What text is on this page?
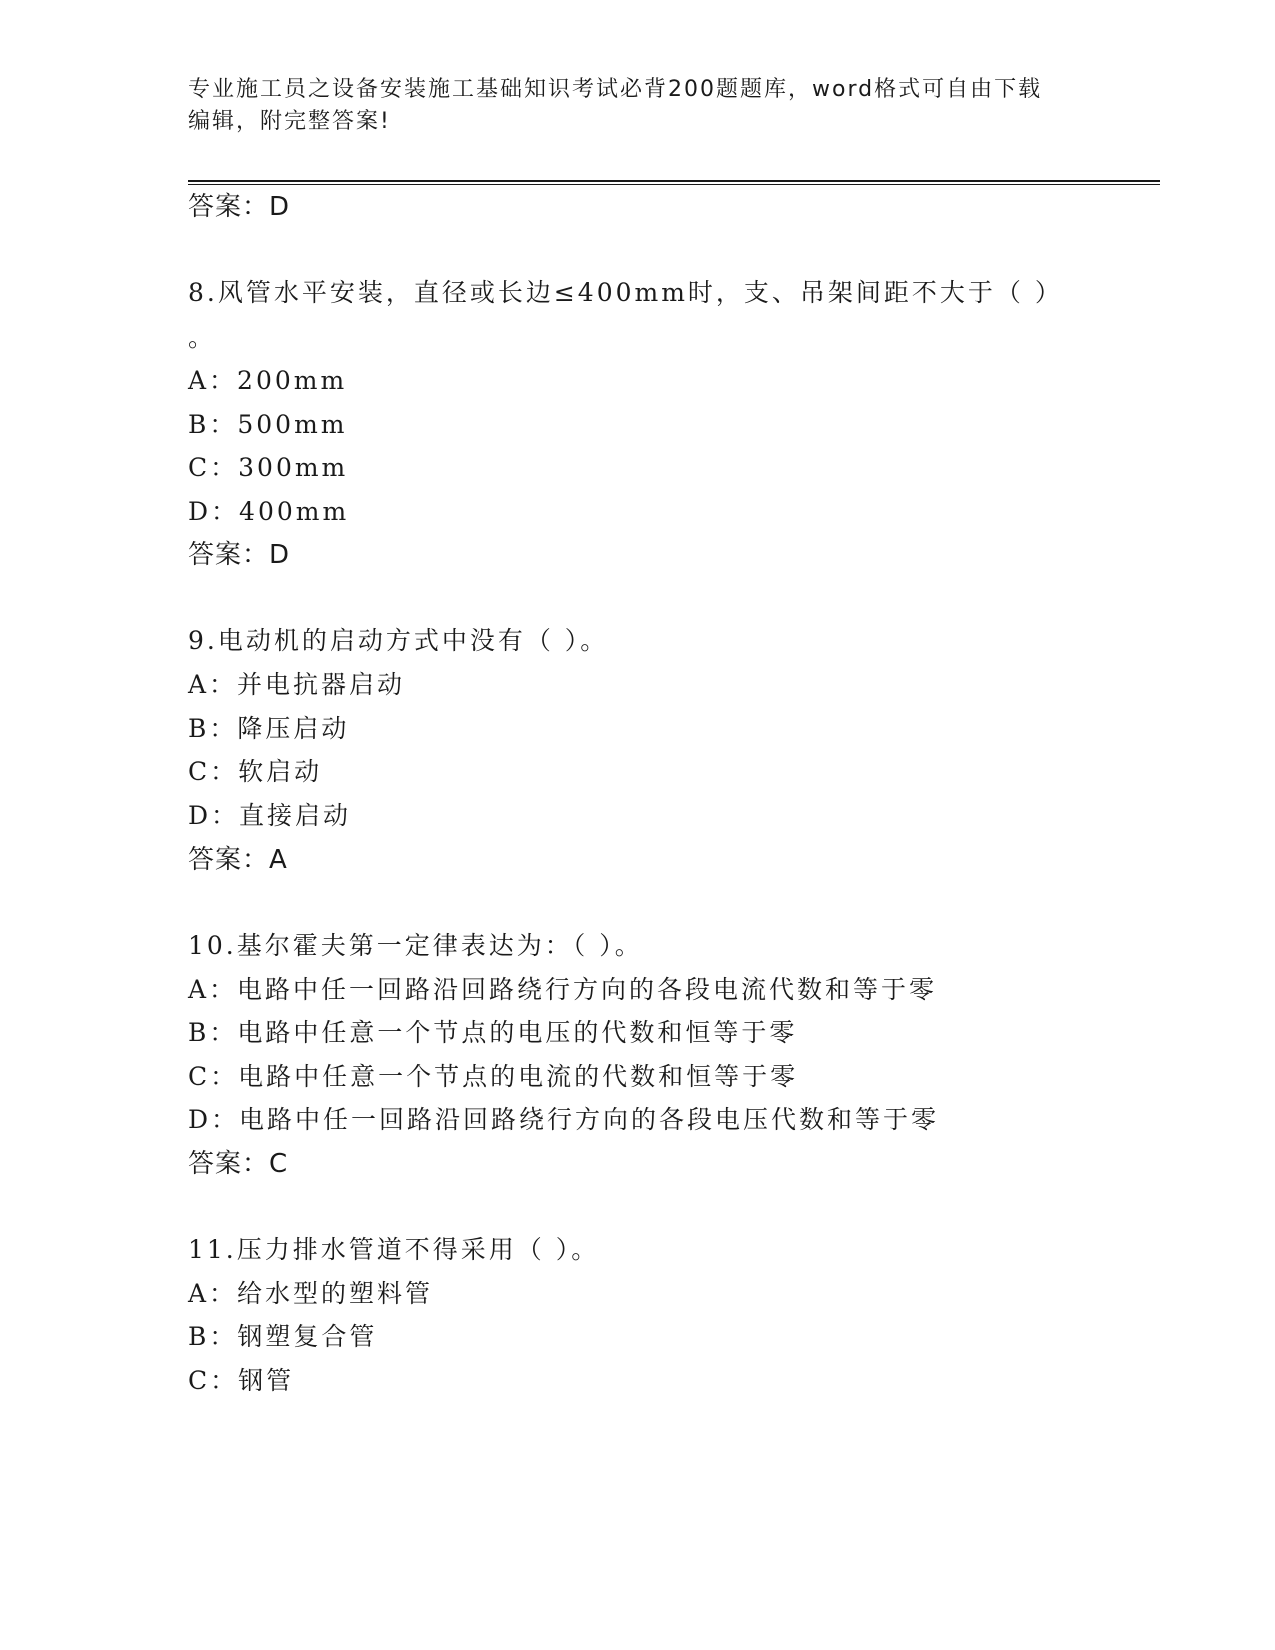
专业施工员之设备安装施工基础知识考试必背200题题库，word格式可自由下载
编辑，附完整答案!
答案：D
8.风管水平安装，直径或长边≤400mm时，支、吊架间距不大于（ ）
。
A：200mm
B：500mm
C：300mm
D：400mm
答案：D
9.电动机的启动方式中没有（ ）。
A：并电抗器启动
B：降压启动
C：软启动
D：直接启动
答案：A
10.基尔霍夫第一定律表达为：（ ）。
A：电路中任一回路沿回路绕行方向的各段电流代数和等于零
B：电路中任意一个节点的电压的代数和恒等于零
C：电路中任意一个节点的电流的代数和恒等于零
D：电路中任一回路沿回路绕行方向的各段电压代数和等于零
答案：C
11.压力排水管道不得采用（ ）。
A：给水型的塑料管
B：钢塑复合管
C：钢管
